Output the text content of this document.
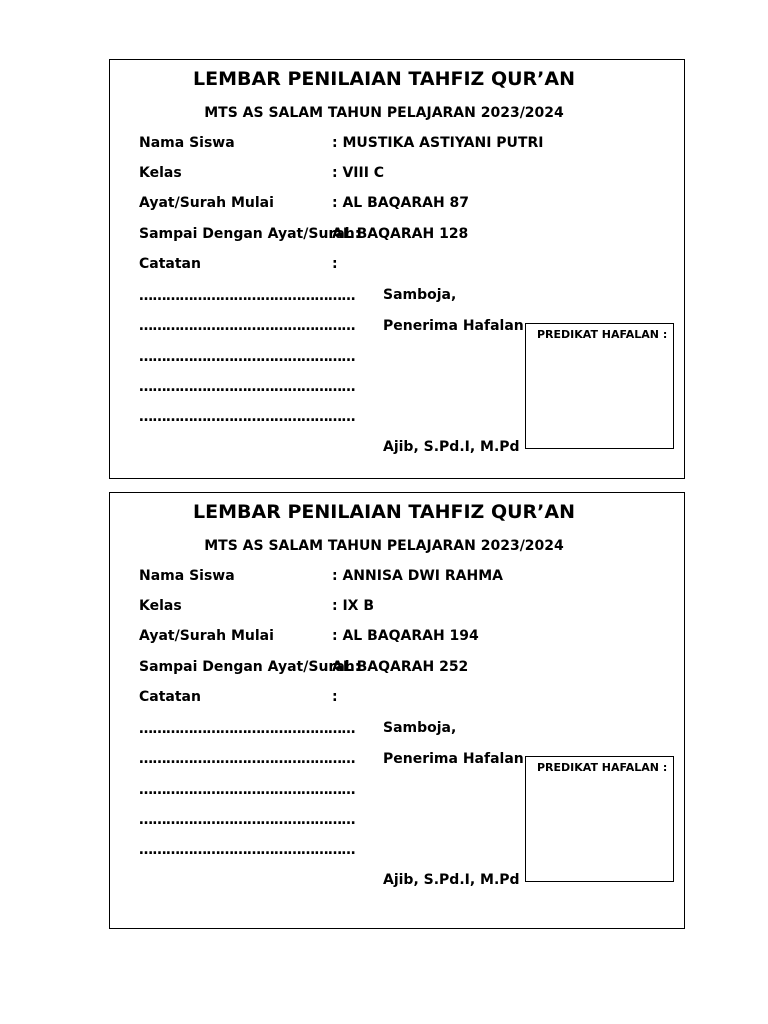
LEMBAR PENILAIAN TAHFIZ QUR’AN
MTS AS SALAM TAHUN PELAJARAN 2023/2024
Nama Siswa	: MUSTIKA ASTIYANI PUTRI
Kelas	: VIII C
Ayat/Surah Mulai	: AL BAQARAH 87
Sampai Dengan Ayat/Surah:AL BAQARAH 128
Catatan	:
…………………………………………
…………………………………………
…………………………………………
…………………………………………
…………………………………………
Samboja,
Penerima Hafalan
Ajib, S.Pd.I, M.Pd
PREDIKAT HAFALAN :
LEMBAR PENILAIAN TAHFIZ QUR’AN
MTS AS SALAM TAHUN PELAJARAN 2023/2024
Nama Siswa	: ANNISA DWI RAHMA
Kelas	: IX B
Ayat/Surah Mulai	: AL BAQARAH 194
Sampai Dengan Ayat/Surah:AL BAQARAH 252
Catatan	:
…………………………………………
…………………………………………
…………………………………………
…………………………………………
…………………………………………
Samboja,
Penerima Hafalan
Ajib, S.Pd.I, M.Pd
PREDIKAT HAFALAN :
